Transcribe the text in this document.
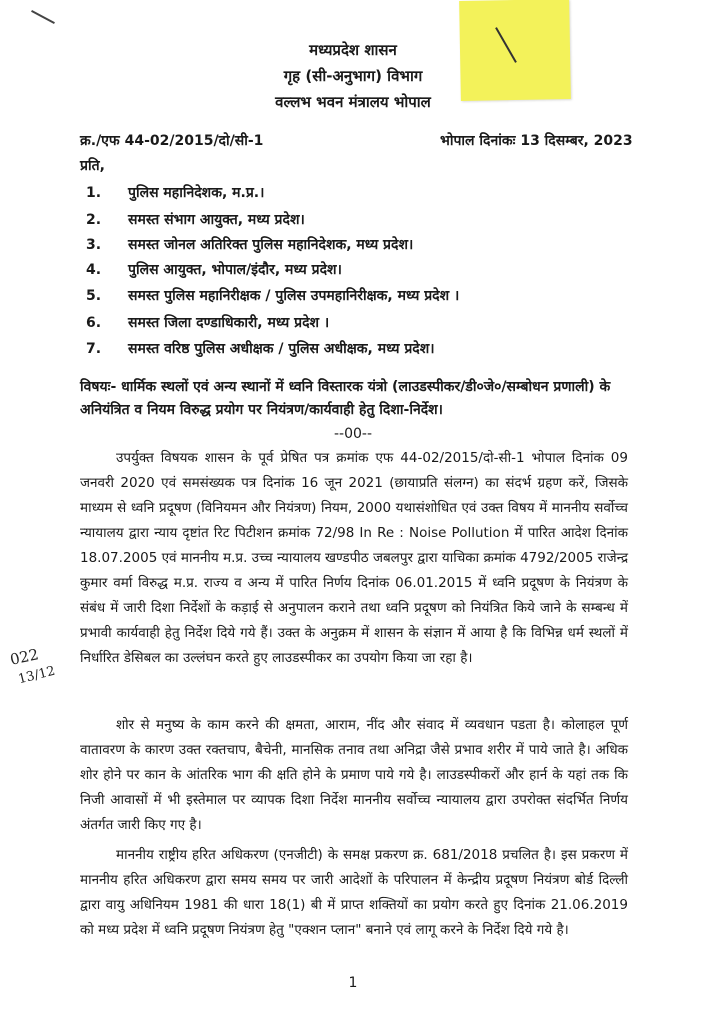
मध्यप्रदेश शासन
गृह (सी-अनुभाग) विभाग
वल्लभ भवन मंत्रालय भोपाल
क्र./एफ 44-02/2015/दो/सी-1	भोपाल दिनांकः 13 दिसम्बर, 2023
प्रति,
1. पुलिस महानिदेशक, म.प्र.।
2. समस्त संभाग आयुक्त, मध्य प्रदेश।
3. समस्त जोनल अतिरिक्त पुलिस महानिदेशक, मध्य प्रदेश।
4. पुलिस आयुक्त, भोपाल/इंदौर, मध्य प्रदेश।
5. समस्त पुलिस महानिरीक्षक / पुलिस उपमहानिरीक्षक, मध्य प्रदेश ।
6. समस्त जिला दण्डाधिकारी, मध्य प्रदेश ।
7. समस्त वरिष्ठ पुलिस अधीक्षक / पुलिस अधीक्षक, मध्य प्रदेश।
विषयः- धार्मिक स्थलों एवं अन्य स्थानों में ध्वनि विस्तारक यंत्रो (लाउडस्पीकर/डी०जे०/सम्बोधन प्रणाली) के अनियंत्रित व नियम विरुद्ध प्रयोग पर नियंत्रण/कार्यवाही हेतु दिशा-निर्देश।
--00--
उपर्युक्त विषयक शासन के पूर्व प्रेषित पत्र क्रमांक एफ 44-02/2015/दो-सी-1 भोपाल दिनांक 09 जनवरी 2020 एवं समसंख्यक पत्र दिनांक 16 जून 2021 (छायाप्रति संलग्न) का संदर्भ ग्रहण करें, जिसके माध्यम से ध्वनि प्रदूषण (विनियमन और नियंत्रण) नियम, 2000 यथासंशोधित एवं उक्त विषय में माननीय सर्वोच्च न्यायालय द्वारा न्याय दृष्टांत रिट पिटीशन क्रमांक 72/98 In Re : Noise Pollution में पारित आदेश दिनांक 18.07.2005 एवं माननीय म.प्र. उच्च न्यायालय खण्डपीठ जबलपुर द्वारा याचिका क्रमांक 4792/2005 राजेन्द्र कुमार वर्मा विरुद्ध म.प्र. राज्य व अन्य में पारित निर्णय दिनांक 06.01.2015 में ध्वनि प्रदूषण के नियंत्रण के संबंध में जारी दिशा निर्देशों के कड़ाई से अनुपालन कराने तथा ध्वनि प्रदूषण को नियंत्रित किये जाने के सम्बन्ध में प्रभावी कार्यवाही हेतु निर्देश दिये गये हैं। उक्त के अनुक्रम में शासन के संज्ञान में आया है कि विभिन्न धर्म स्थलों में निर्धारित डेसिबल का उल्लंघन करते हुए लाउडस्पीकर का उपयोग किया जा रहा है।
शोर से मनुष्य के काम करने की क्षमता, आराम, नींद और संवाद में व्यवधान पडता है। कोलाहल पूर्ण वातावरण के कारण उक्त रक्तचाप, बैचेनी, मानसिक तनाव तथा अनिद्रा जैसे प्रभाव शरीर में पाये जाते है। अधिक शोर होने पर कान के आंतरिक भाग की क्षति होने के प्रमाण पाये गये है। लाउडस्पीकरों और हार्न के यहां तक कि निजी आवासों में भी इस्तेमाल पर व्यापक दिशा निर्देश माननीय सर्वोच्च न्यायालय द्वारा उपरोक्त संदर्भित निर्णय अंतर्गत जारी किए गए है।
माननीय राष्ट्रीय हरित अधिकरण (एनजीटी) के समक्ष प्रकरण क्र. 681/2018 प्रचलित है। इस प्रकरण में माननीय हरित अधिकरण द्वारा समय समय पर जारी आदेशों के परिपालन में केन्द्रीय प्रदूषण नियंत्रण बोर्ड दिल्ली द्वारा वायु अधिनियम 1981 की धारा 18(1) बी में प्राप्त शक्तियों का प्रयोग करते हुए दिनांक 21.06.2019 को मध्य प्रदेश में ध्वनि प्रदूषण नियंत्रण हेतु "एक्शन प्लान" बनाने एवं लागू करने के निर्देश दिये गये है।
022
13/12
1
